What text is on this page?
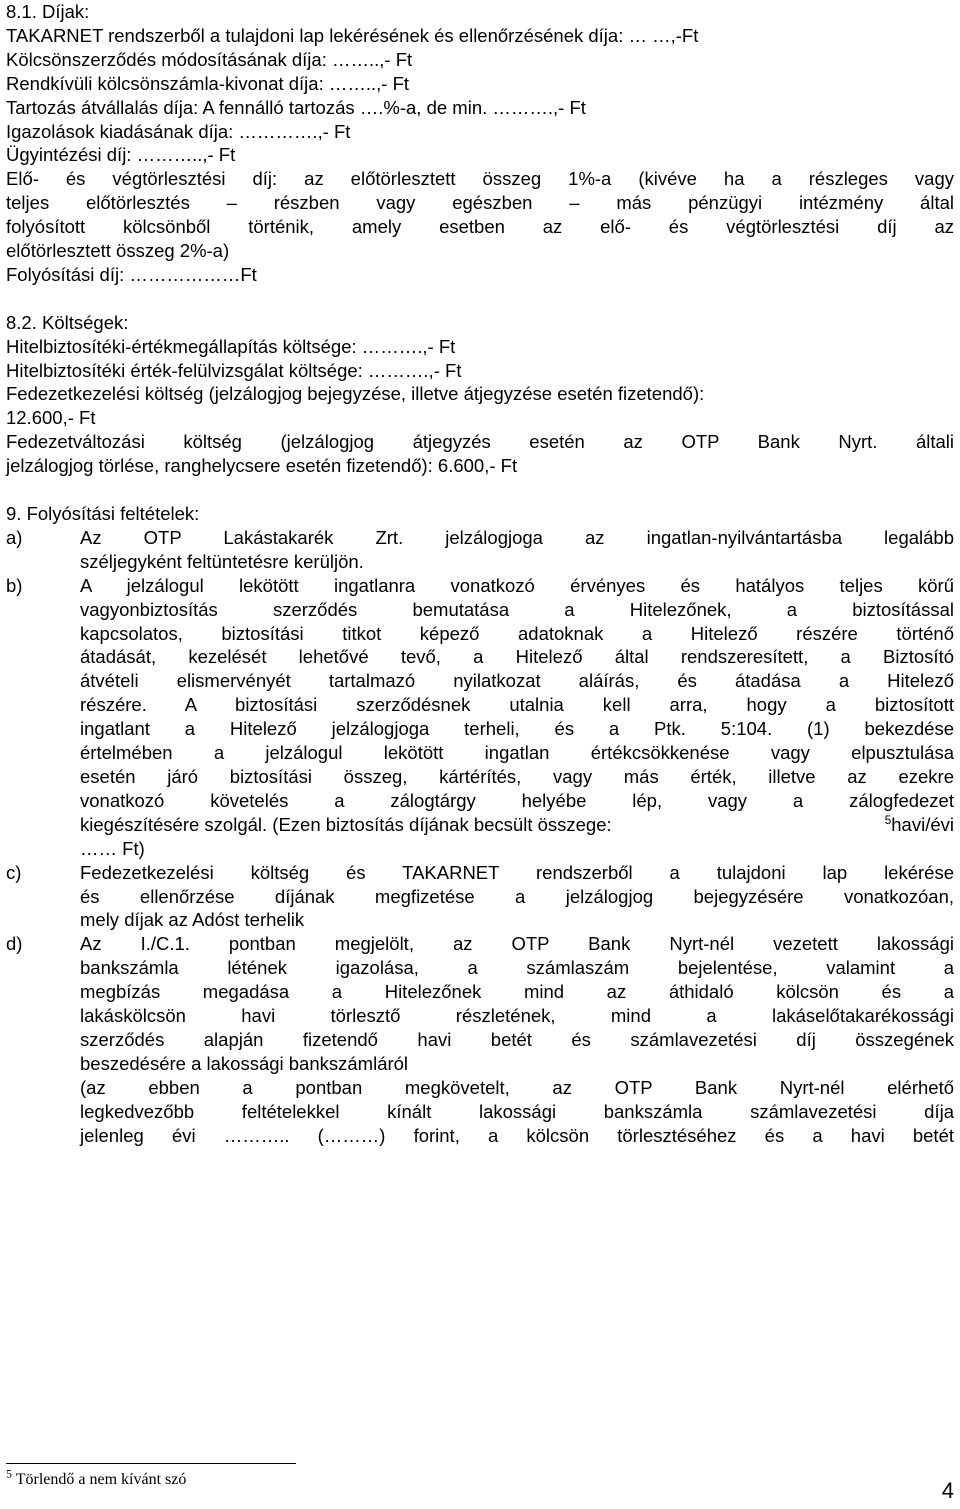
8.1. Díjak:
TAKARNET rendszerből a tulajdoni lap lekérésének és ellenőrzésének díja: … …,-Ft
Kölcsönszerződés módosításának díja: ……..,- Ft
Rendkívüli kölcsönszámla-kivonat díja: ……..,- Ft
Tartozás átvállalás díja: A fennálló tartozás ….%-a, de min. ……….,- Ft
Igazolások kiadásának díja: ………….,- Ft
Ügyintézési díj: ………..,- Ft
Elő- és végtörlesztési díj: az előtörlesztett összeg 1%-a (kivéve ha a részleges vagy
teljes előtörlesztés – részben vagy egészben – más pénzügyi intézmény által
folyósított kölcsönből történik, amely esetben az elő- és végtörlesztési díj az
előtörlesztett összeg 2%-a)
Folyósítási díj: ………………Ft
8.2. Költségek:
Hitelbiztosítéki-értékmegállapítás költsége: ……….,- Ft
Hitelbiztosítéki érték-felülvizsgálat költsége: ……….,- Ft
Fedezetkezelési költség (jelzálogjog bejegyzése, illetve átjegyzése esetén fizetendő):
12.600,- Ft
Fedezetváltozási költség (jelzálogjog átjegyzés esetén az OTP Bank Nyrt. általi
jelzálogjog törlése, ranghelycsere esetén fizetendő): 6.600,- Ft
9. Folyósítási feltételek:
a)	Az OTP Lakástakarék Zrt. jelzálogjoga az ingatlan-nyilvántartásba legalább
széljegyként feltüntetésre kerüljön.
b)	A jelzálogul lekötött ingatlanra vonatkozó érvényes és hatályos teljes körű
vagyonbiztosítás szerződés bemutatása a Hitelezőnek, a biztosítással
kapcsolatos, biztosítási titkot képező adatoknak a Hitelező részére történő
átadását, kezelését lehetővé tevő, a Hitelező által rendszeresített, a Biztosító
átvételi elismervényét tartalmazó nyilatkozat aláírás, és átadása a Hitelező
részére. A biztosítási szerződésnek utalnia kell arra, hogy a biztosított
ingatlant a Hitelező jelzálogjoga terheli, és a Ptk. 5:104. (1) bekezdése
értelmében a jelzálogul lekötött ingatlan értékcsökkenése vagy elpusztulása
esetén járó biztosítási összeg, kártérítés, vagy más érték, illetve az ezekre
vonatkozó követelés a zálogtárgy helyébe lép, vagy a zálogfedezet
kiegészítésére szolgál. (Ezen biztosítás díjának becsült összege:	$^5$havi/évi
…… Ft)
c)	Fedezetkezelési költség és TAKARNET rendszerből a tulajdoni lap lekérése
és ellenőrzése díjának megfizetése a jelzálogjog bejegyzésére vonatkozóan,
mely díjak az Adóst terhelik
d)	Az I./C.1. pontban megjelölt, az OTP Bank Nyrt-nél vezetett lakossági
bankszámla létének igazolása, a számlaszám bejelentése, valamint a
megbízás megadása a Hitelezőnek mind az áthidaló kölcsön és a
lakáskölcsön havi törlesztő részletének, mind a lakáselőtakarékossági
szerződés alapján fizetendő havi betét és számlavezetési díj összegének
beszedésére a lakossági bankszámláról
(az ebben a pontban megkövetelt, az OTP Bank Nyrt-nél elérhető
legkedvezőbb feltételekkel kínált lakossági bankszámla számlavezetési díja
jelenleg évi ……….. (………) forint, a kölcsön törlesztéséhez és a havi betét
$^5$ Törlendő a nem kívánt szó	4
